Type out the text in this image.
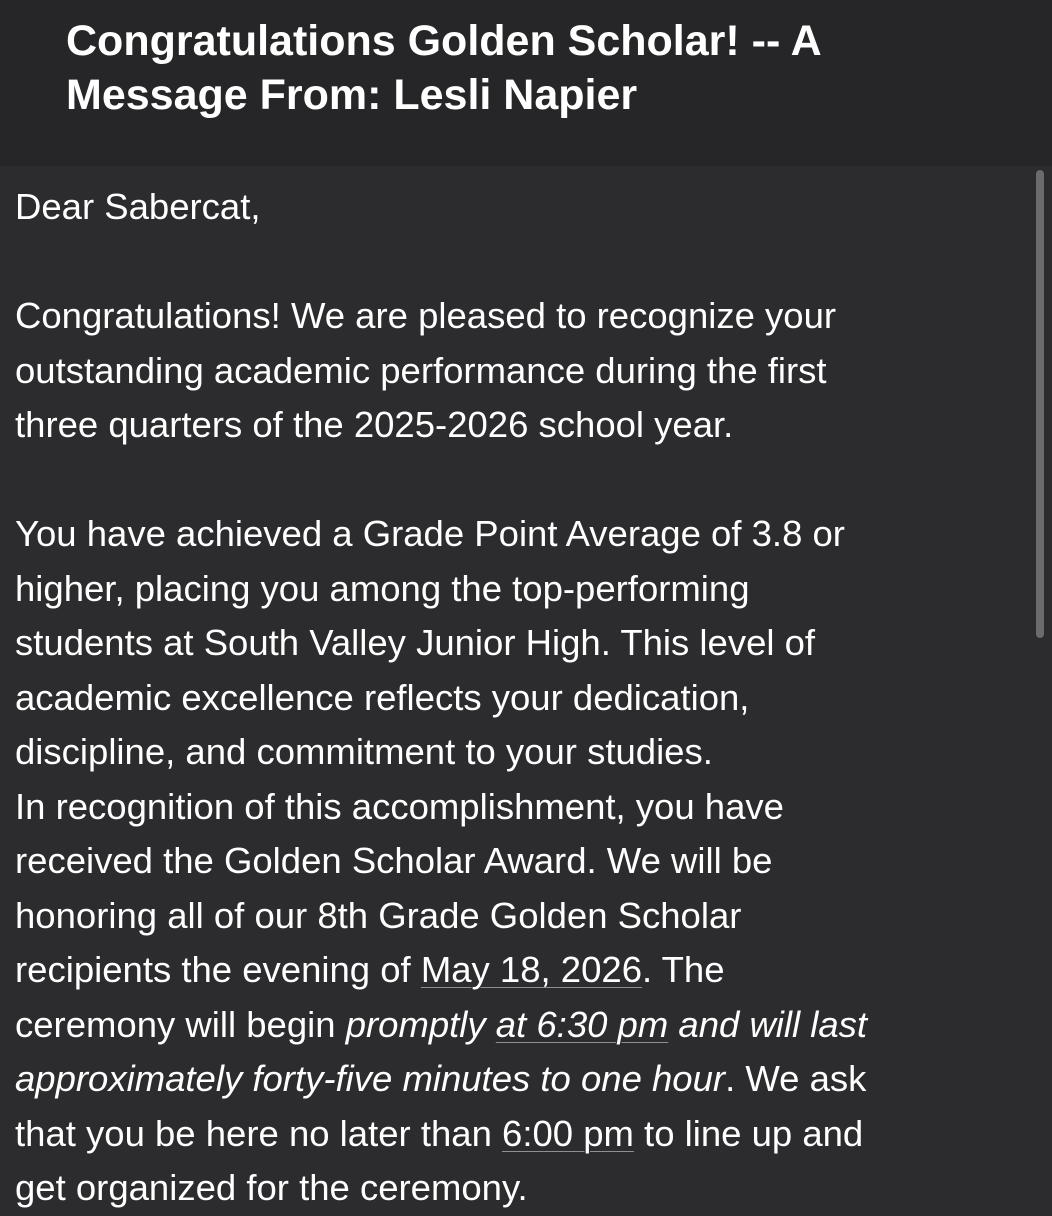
Congratulations Golden Scholar! -- A
Message From: Lesli Napier

Dear Sabercat,

Congratulations! We are pleased to recognize your

outstanding academic performance during the first

three quarters of the 2025-2026 school year.

You have achieved a Grade Point Average of 3.8 or

higher, placing you among the top-performing

students at South Valley Junior High. This level of

academic excellence reflects your dedication,

discipline, and commitment to your studies.

In recognition of this accomplishment, you have

received the Golden Scholar Award. We will be

honoring all of our 8th Grade Golden Scholar

recipients the evening of May 18, 2026. The

ceremony will begin promptly at 6:30 pm and will last

approximately forty-five minutes to one hour. We ask

that you be here no later than 6:00 pm to line up and

get organized for the ceremony.
